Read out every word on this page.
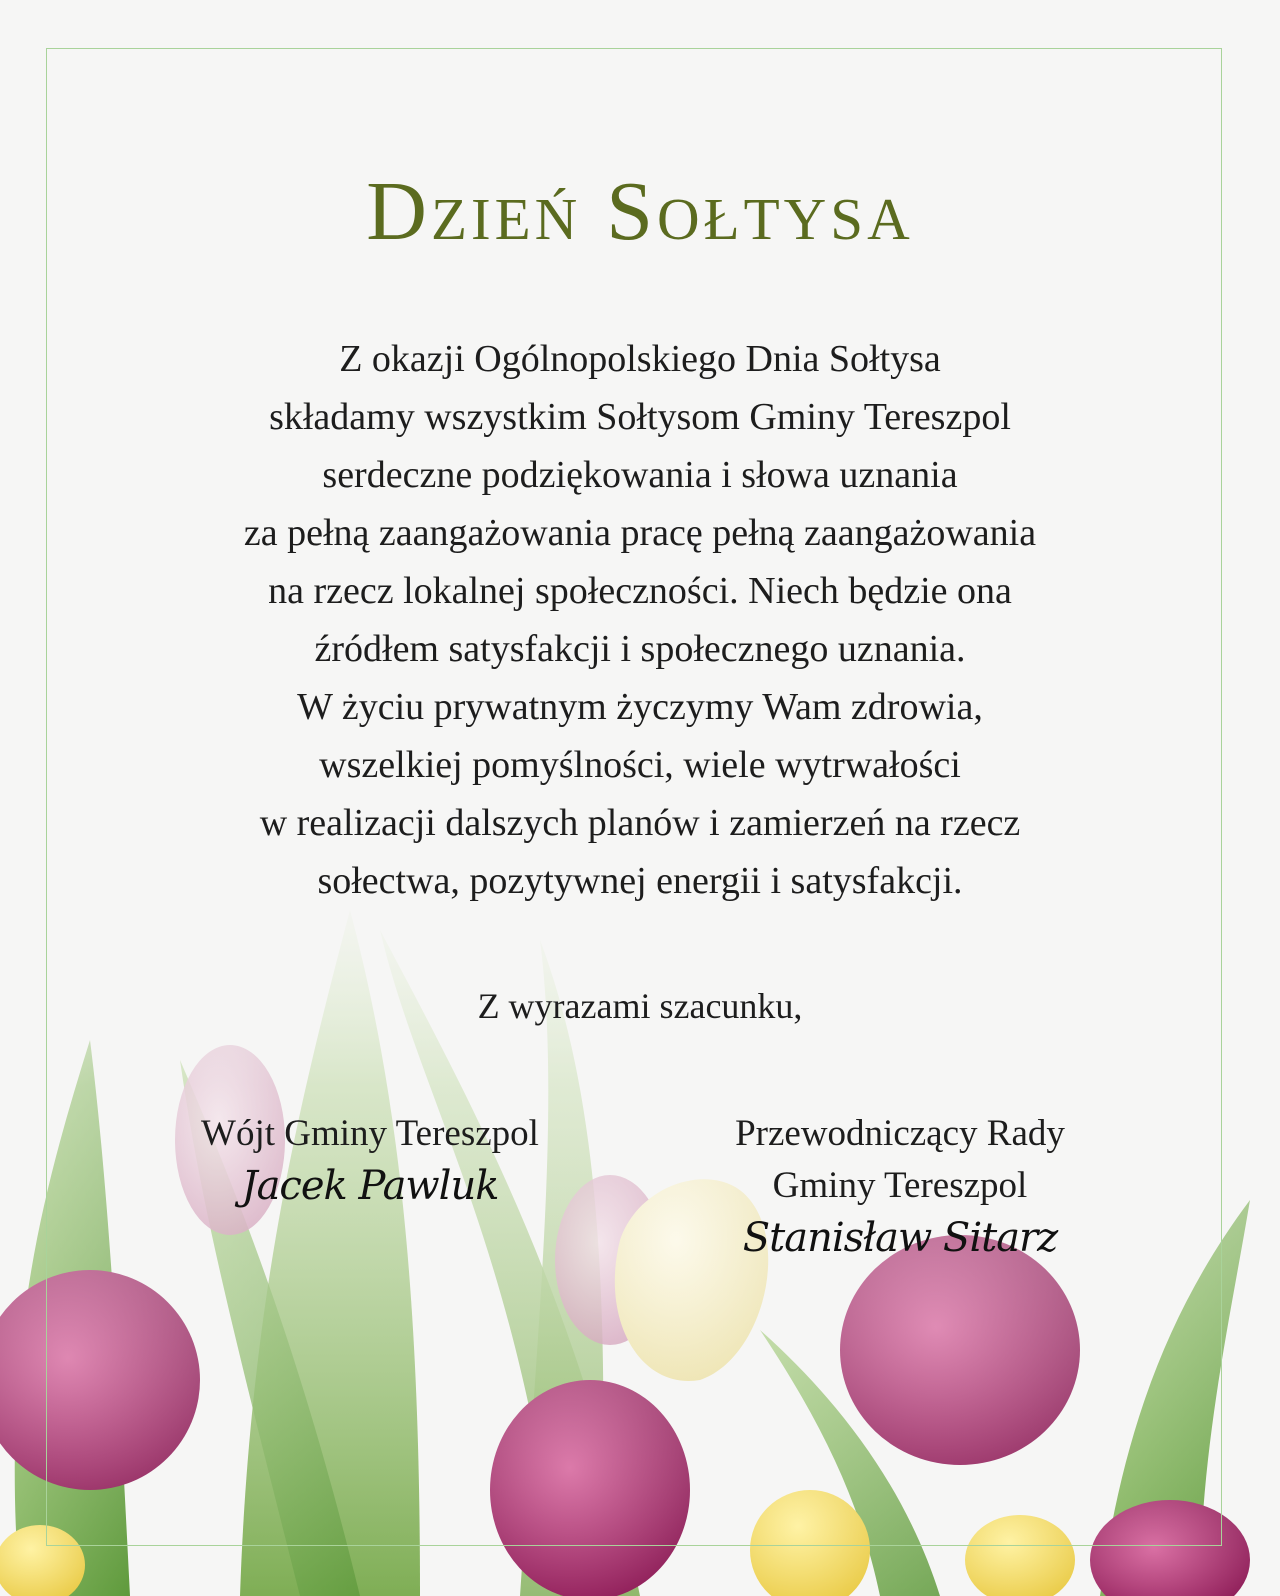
Dzień Sołtysa
Z okazji Ogólnopolskiego Dnia Sołtysa
składamy wszystkim Sołtysom Gminy Tereszpol
serdeczne podziękowania i słowa uznania
za pełną zaangażowania pracę pełną zaangażowania
na rzecz lokalnej społeczności. Niech będzie ona
źródłem satysfakcji i społecznego uznania.
W życiu prywatnym życzymy Wam zdrowia,
wszelkiej pomyślności, wiele wytrwałości
w realizacji dalszych planów i zamierzeń na rzecz
sołectwa, pozytywnej energii i satysfakcji.
Z wyrazami szacunku,
Wójt Gminy Tereszpol
Jacek Pawluk
Przewodniczący Rady
Gminy Tereszpol
Stanisław Sitarz
